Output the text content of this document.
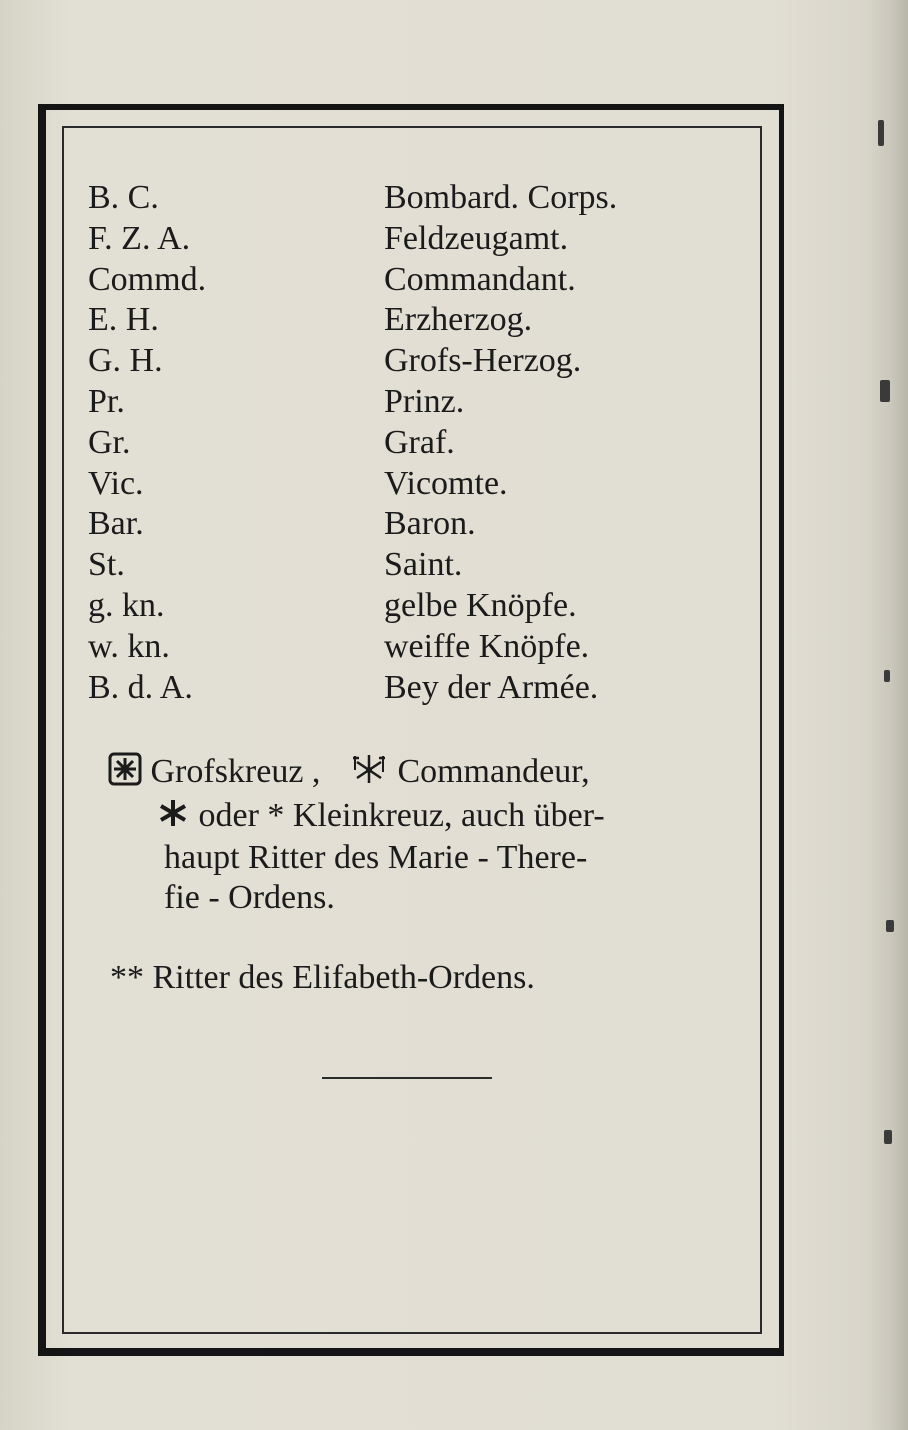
B. C.	Bombard. Corps.
F. Z. A.	Feldzeugamt.
Commd.	Commandant.
E. H.	Erzherzog.
G. H.	Grofs-Herzog.
Pr.	Prinz.
Gr.	Graf.
Vic.	Vicomte.
Bar.	Baron.
St.	Saint.
g. kn.	gelbe Knöpfe.
w. kn.	weiffe Knöpfe.
B. d. A.	Bey der Armée.
Grofskreuz , Commandeur,
oder * Kleinkreuz, auch über-
haupt Ritter des Marie - There-
fie - Ordens.
** Ritter des Elifabeth-Ordens.
